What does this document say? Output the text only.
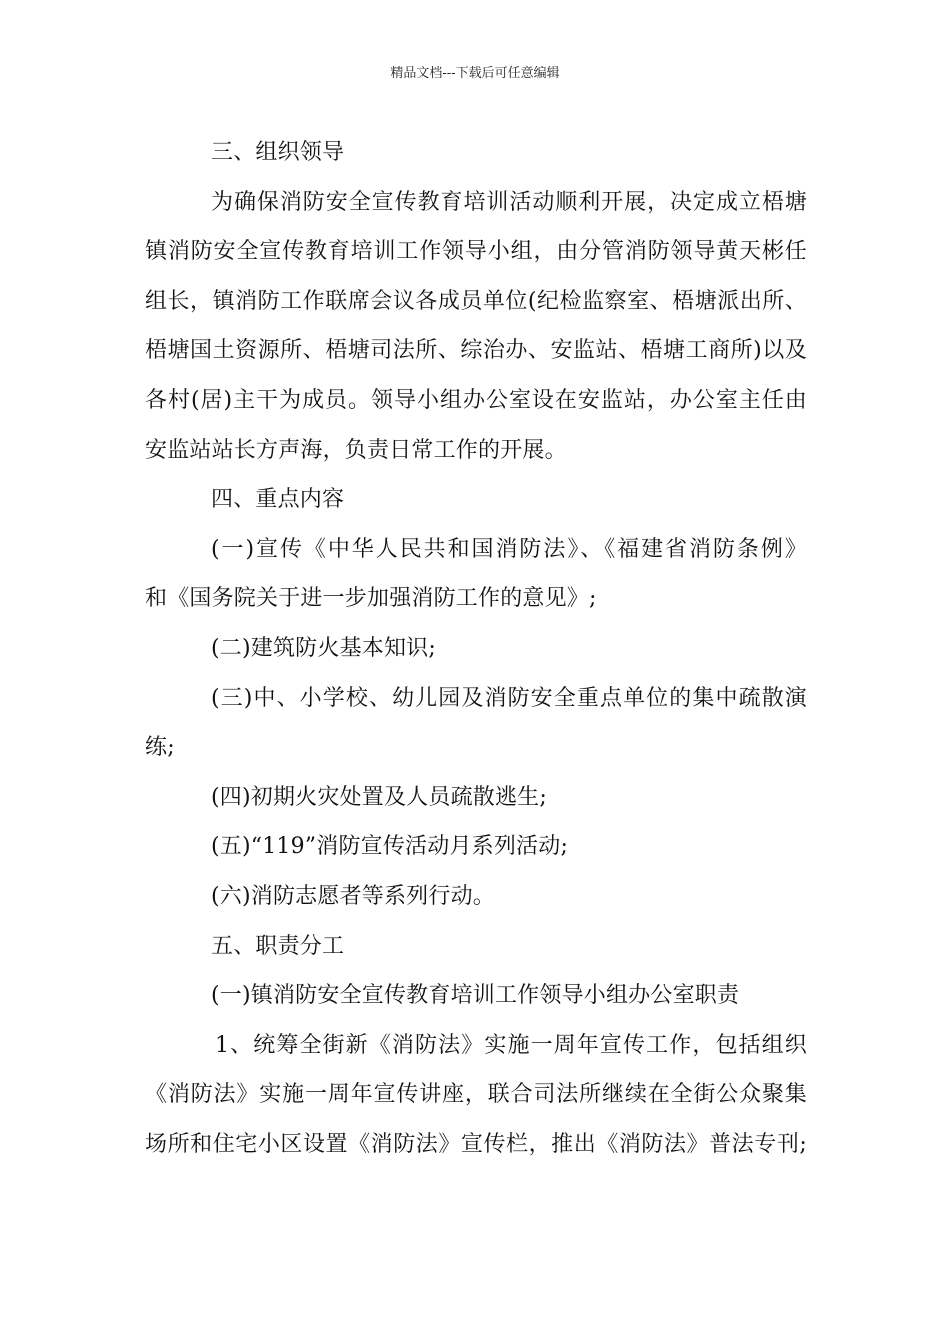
精品文档---下载后可任意编辑
三、组织领导
为确保消防安全宣传教育培训活动顺利开展，决定成立梧塘
镇消防安全宣传教育培训工作领导小组，由分管消防领导黄天彬任
组长，镇消防工作联席会议各成员单位(纪检监察室、梧塘派出所、
梧塘国土资源所、梧塘司法所、综治办、安监站、梧塘工商所)以及
各村(居)主干为成员。领导小组办公室设在安监站，办公室主任由
安监站站长方声海，负责日常工作的开展。
四、重点内容
(一)宣传《中华人民共和国消防法》、《福建省消防条例》
和《国务院关于进一步加强消防工作的意见》;
(二)建筑防火基本知识;
(三)中、小学校、幼儿园及消防安全重点单位的集中疏散演
练;
(四)初期火灾处置及人员疏散逃生;
(五)“119”消防宣传活动月系列活动;
(六)消防志愿者等系列行动。
五、职责分工
(一)镇消防安全宣传教育培训工作领导小组办公室职责
1、统筹全街新《消防法》实施一周年宣传工作，包括组织
《消防法》实施一周年宣传讲座，联合司法所继续在全街公众聚集
场所和住宅小区设置《消防法》宣传栏，推出《消防法》普法专刊;
